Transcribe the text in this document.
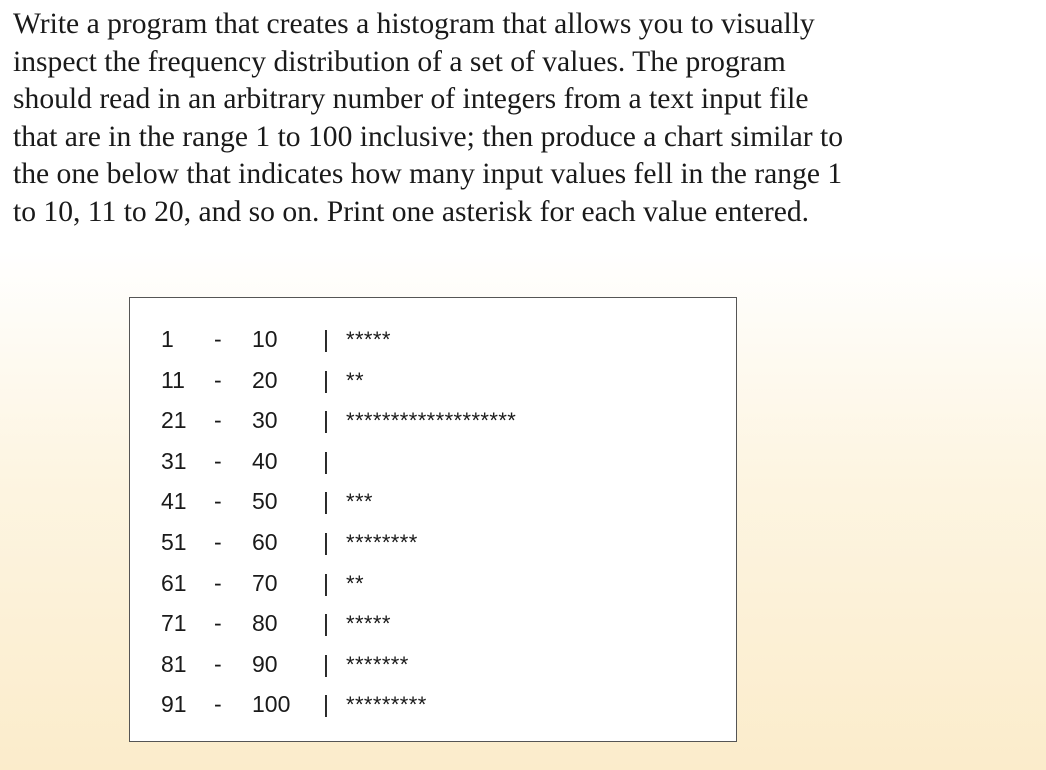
Write a program that creates a histogram that allows you to visually
inspect the frequency distribution of a set of values. The program
should read in an arbitrary number of integers from a text input file
that are in the range 1 to 100 inclusive; then produce a chart similar to
the one below that indicates how many input values fell in the range 1
to 10, 11 to 20, and so on. Print one asterisk for each value entered.
1 - 10 | *****
11 - 20 | **
21 - 30 | *******************
31 - 40 |
41 - 50 | ***
51 - 60 | ********
61 - 70 | **
71 - 80 | *****
81 - 90 | *******
91 - 100 | *********
